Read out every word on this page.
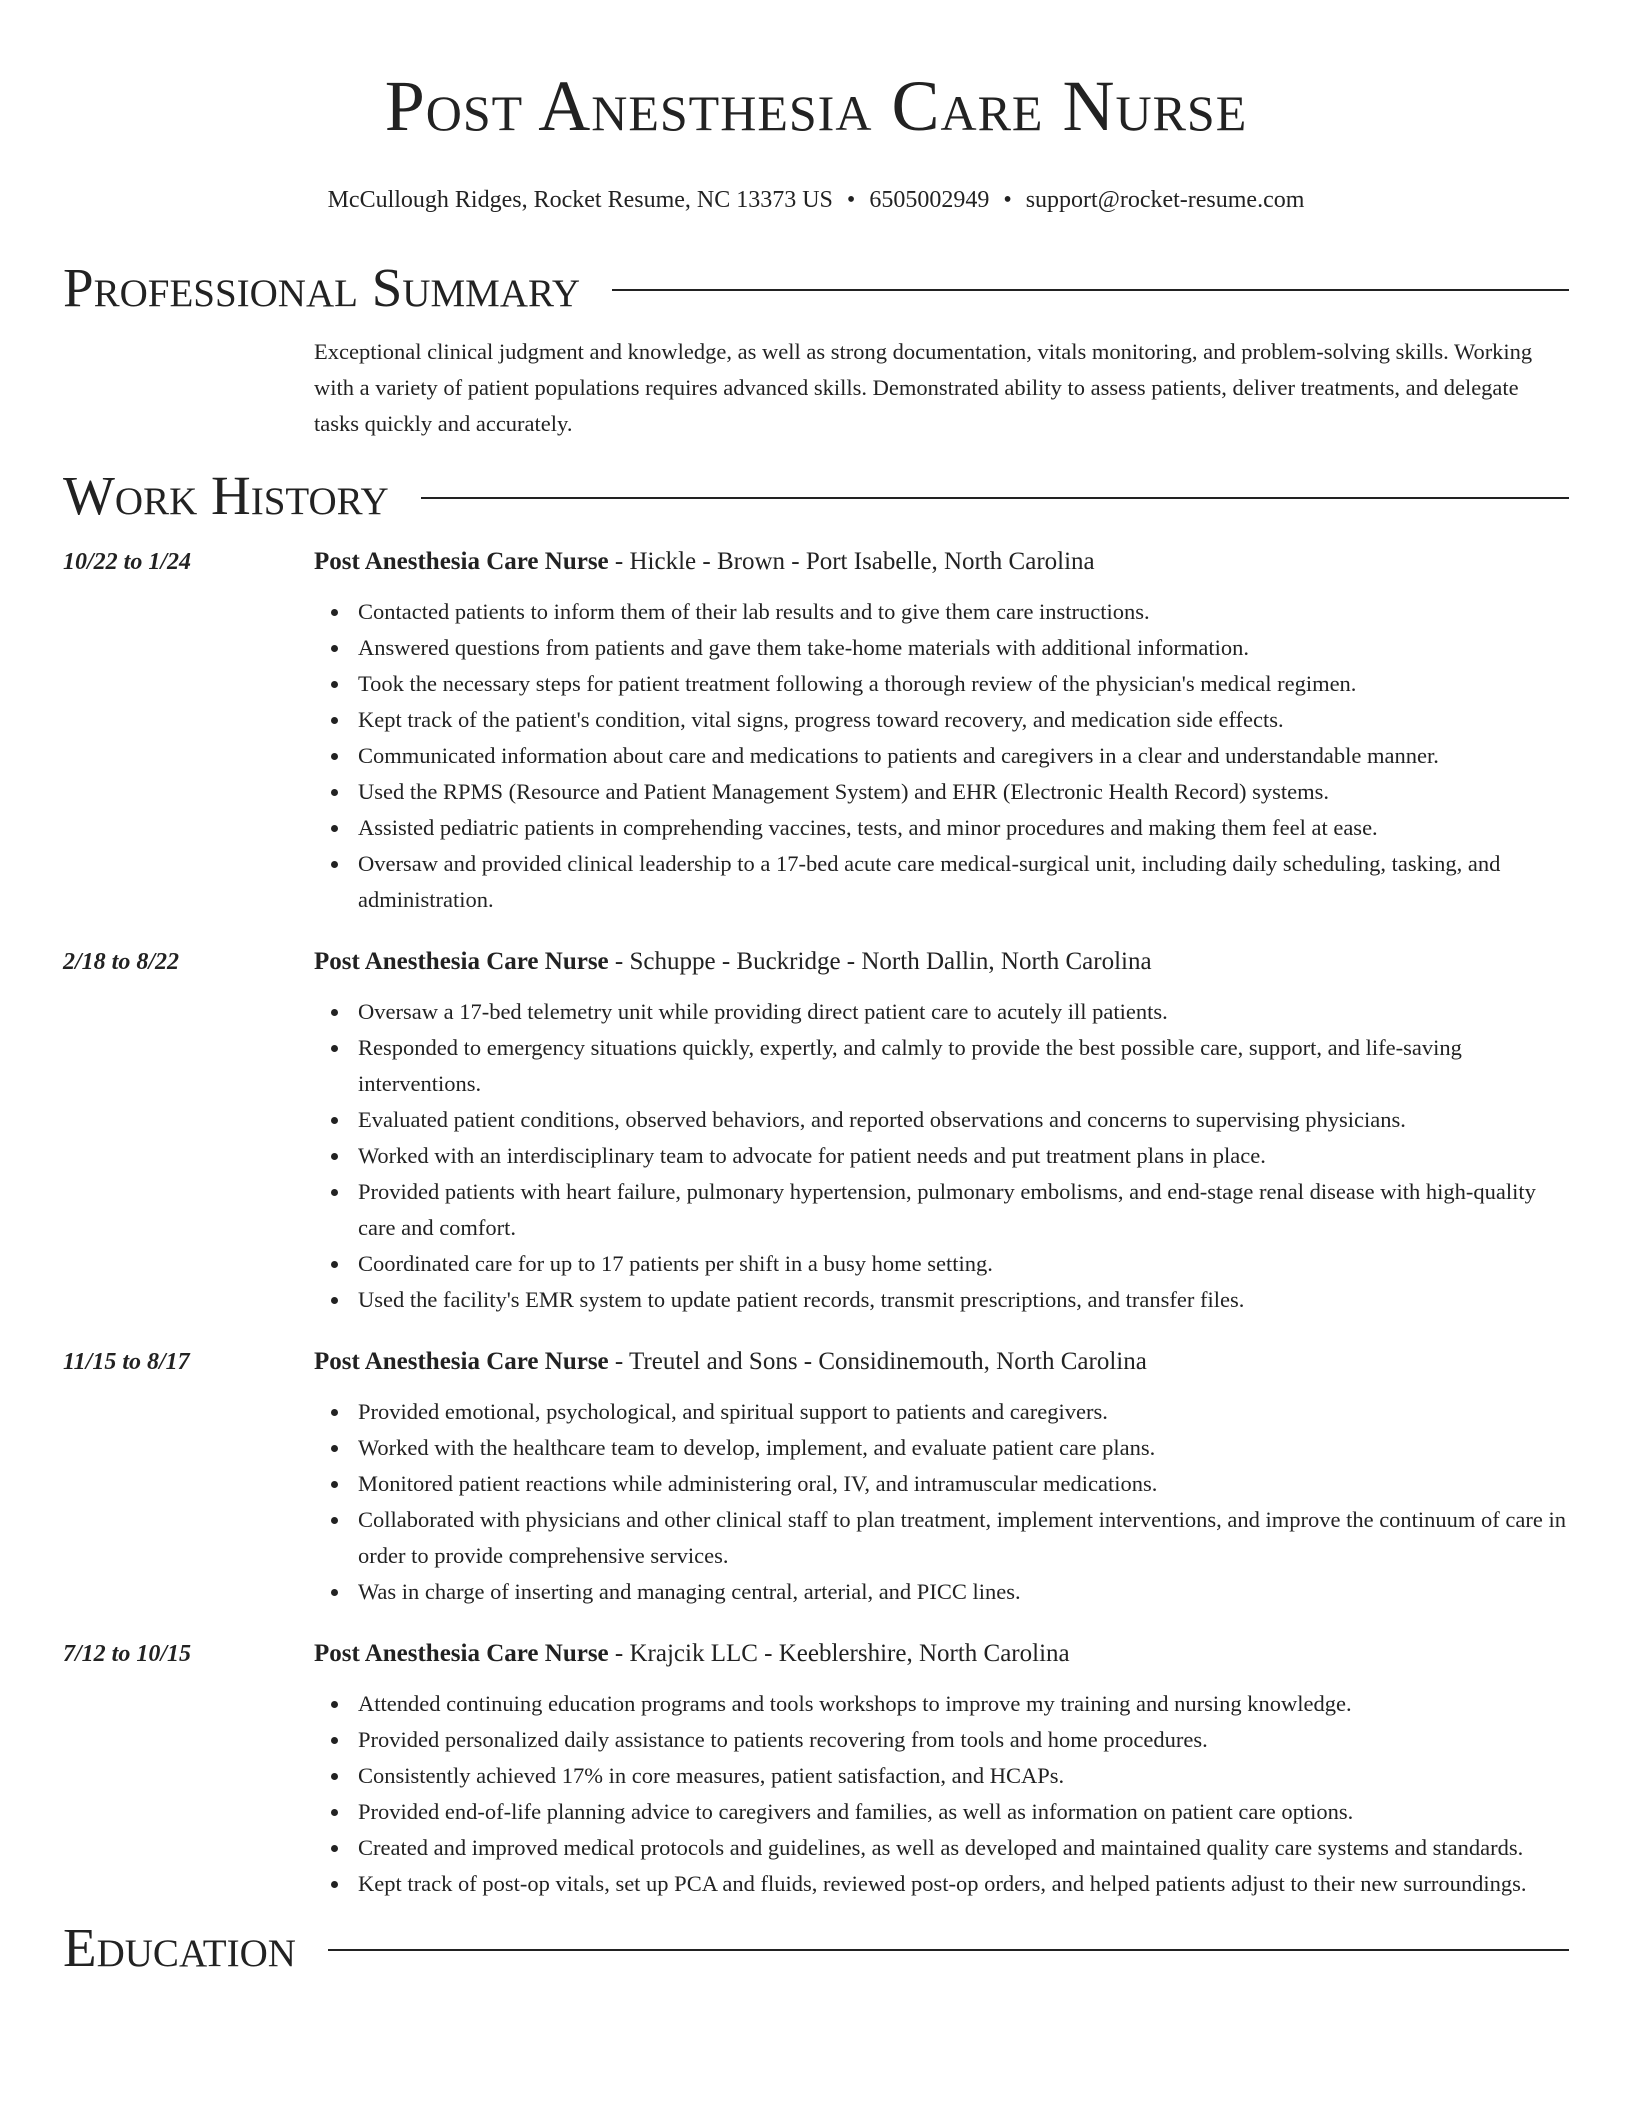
Post Anesthesia Care Nurse
McCullough Ridges, Rocket Resume, NC 13373 US • 6505002949 • support@rocket-resume.com
Professional Summary
Exceptional clinical judgment and knowledge, as well as strong documentation, vitals monitoring, and problem-solving skills. Working with a variety of patient populations requires advanced skills. Demonstrated ability to assess patients, deliver treatments, and delegate tasks quickly and accurately.
Work History
10/22 to 1/24	Post Anesthesia Care Nurse - Hickle - Brown - Port Isabelle, North Carolina
Contacted patients to inform them of their lab results and to give them care instructions.
Answered questions from patients and gave them take-home materials with additional information.
Took the necessary steps for patient treatment following a thorough review of the physician's medical regimen.
Kept track of the patient's condition, vital signs, progress toward recovery, and medication side effects.
Communicated information about care and medications to patients and caregivers in a clear and understandable manner.
Used the RPMS (Resource and Patient Management System) and EHR (Electronic Health Record) systems.
Assisted pediatric patients in comprehending vaccines, tests, and minor procedures and making them feel at ease.
Oversaw and provided clinical leadership to a 17-bed acute care medical-surgical unit, including daily scheduling, tasking, and administration.
2/18 to 8/22	Post Anesthesia Care Nurse - Schuppe - Buckridge - North Dallin, North Carolina
Oversaw a 17-bed telemetry unit while providing direct patient care to acutely ill patients.
Responded to emergency situations quickly, expertly, and calmly to provide the best possible care, support, and life-saving interventions.
Evaluated patient conditions, observed behaviors, and reported observations and concerns to supervising physicians.
Worked with an interdisciplinary team to advocate for patient needs and put treatment plans in place.
Provided patients with heart failure, pulmonary hypertension, pulmonary embolisms, and end-stage renal disease with high-quality care and comfort.
Coordinated care for up to 17 patients per shift in a busy home setting.
Used the facility's EMR system to update patient records, transmit prescriptions, and transfer files.
11/15 to 8/17	Post Anesthesia Care Nurse - Treutel and Sons - Considinemouth, North Carolina
Provided emotional, psychological, and spiritual support to patients and caregivers.
Worked with the healthcare team to develop, implement, and evaluate patient care plans.
Monitored patient reactions while administering oral, IV, and intramuscular medications.
Collaborated with physicians and other clinical staff to plan treatment, implement interventions, and improve the continuum of care in order to provide comprehensive services.
Was in charge of inserting and managing central, arterial, and PICC lines.
7/12 to 10/15	Post Anesthesia Care Nurse - Krajcik LLC - Keeblershire, North Carolina
Attended continuing education programs and tools workshops to improve my training and nursing knowledge.
Provided personalized daily assistance to patients recovering from tools and home procedures.
Consistently achieved 17% in core measures, patient satisfaction, and HCAPs.
Provided end-of-life planning advice to caregivers and families, as well as information on patient care options.
Created and improved medical protocols and guidelines, as well as developed and maintained quality care systems and standards.
Kept track of post-op vitals, set up PCA and fluids, reviewed post-op orders, and helped patients adjust to their new surroundings.
Education
